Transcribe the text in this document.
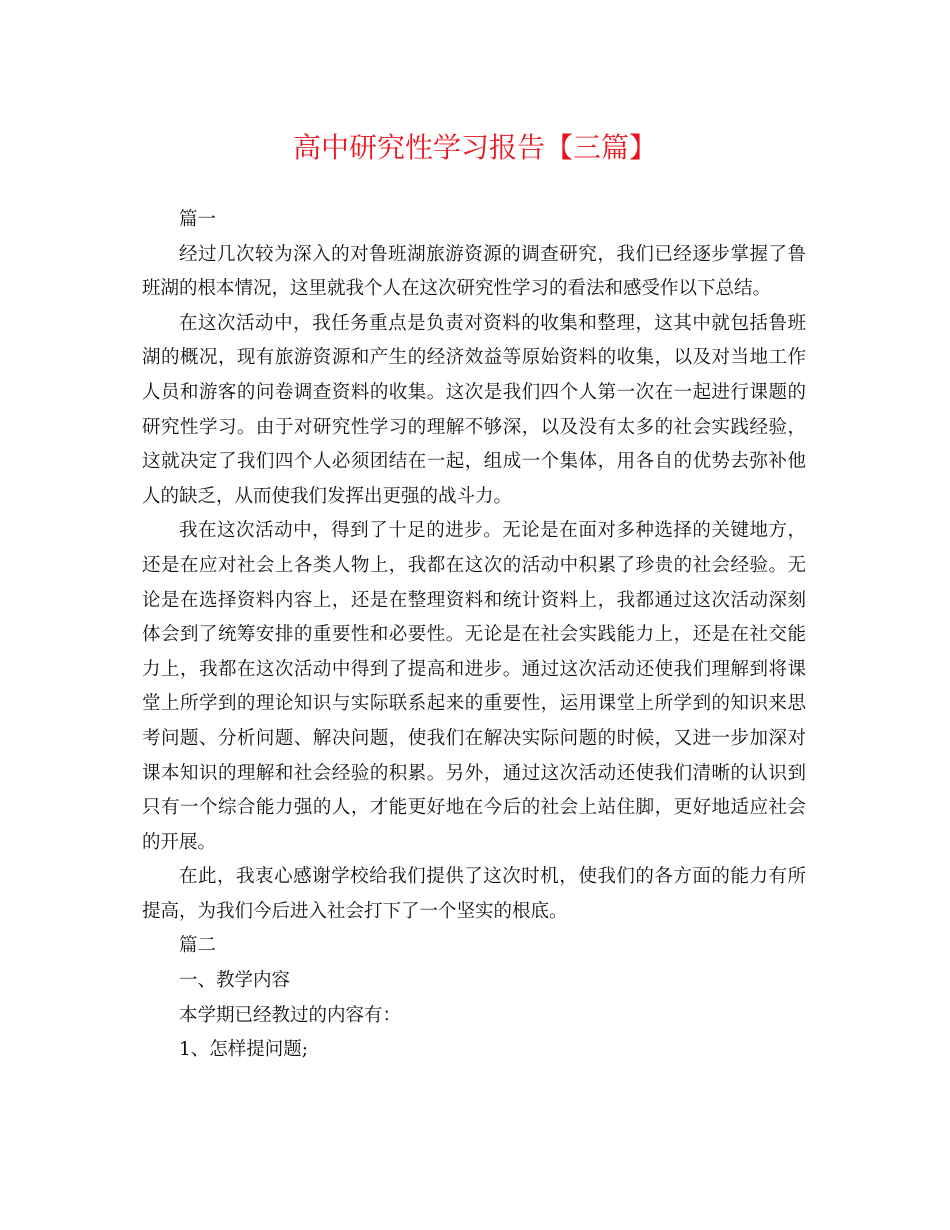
高中研究性学习报告【三篇】

篇一

经过几次较为深入的对鲁班湖旅游资源的调查研究，我们已经逐步掌握了鲁班湖的根本情况，这里就我个人在这次研究性学习的看法和感受作以下总结。

在这次活动中，我任务重点是负责对资料的收集和整理，这其中就包括鲁班湖的概况，现有旅游资源和产生的经济效益等原始资料的收集，以及对当地工作人员和游客的问卷调查资料的收集。这次是我们四个人第一次在一起进行课题的研究性学习。由于对研究性学习的理解不够深，以及没有太多的社会实践经验，这就决定了我们四个人必须团结在一起，组成一个集体，用各自的优势去弥补他人的缺乏，从而使我们发挥出更强的战斗力。

我在这次活动中，得到了十足的进步。无论是在面对多种选择的关键地方，还是在应对社会上各类人物上，我都在这次的活动中积累了珍贵的社会经验。无论是在选择资料内容上，还是在整理资料和统计资料上，我都通过这次活动深刻体会到了统筹安排的重要性和必要性。无论是在社会实践能力上，还是在社交能力上，我都在这次活动中得到了提高和进步。通过这次活动还使我们理解到将课堂上所学到的理论知识与实际联系起来的重要性，运用课堂上所学到的知识来思考问题、分析问题、解决问题，使我们在解决实际问题的时候，又进一步加深对课本知识的理解和社会经验的积累。另外，通过这次活动还使我们清晰的认识到只有一个综合能力强的人，才能更好地在今后的社会上站住脚，更好地适应社会的开展。

在此，我衷心感谢学校给我们提供了这次时机，使我们的各方面的能力有所提高，为我们今后进入社会打下了一个坚实的根底。

篇二

一、教学内容

本学期已经教过的内容有：

1、怎样提问题;
